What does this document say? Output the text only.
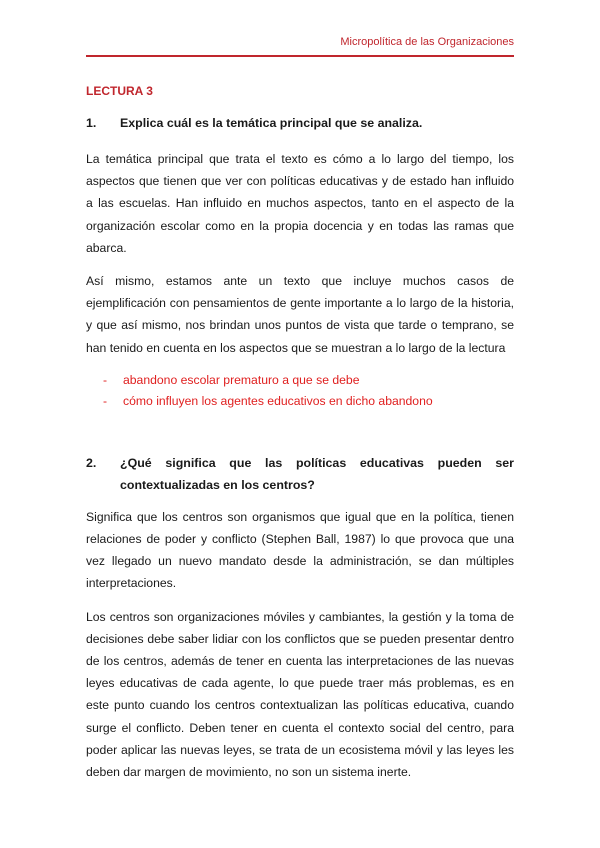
Micropolítica de las Organizaciones
LECTURA 3
1.	Explica cuál es la temática principal que se analiza.

La temática principal que trata el texto es cómo a lo largo del tiempo, los aspectos que tienen que ver con políticas educativas y de estado han influido a las escuelas. Han influido en muchos aspectos, tanto en el aspecto de la organización escolar como en la propia docencia y en todas las ramas que abarca.

Así mismo, estamos ante un texto que incluye muchos casos de ejemplificación con pensamientos de gente importante a lo largo de la historia, y que así mismo, nos brindan unos puntos de vista que tarde o temprano, se han tenido en cuenta en los aspectos que se muestran a lo largo de la lectura

- abandono escolar prematuro a que se debe
- cómo influyen los agentes educativos en dicho abandono
2.	¿Qué significa que las políticas educativas pueden ser contextualizadas en los centros?

Significa que los centros son organismos que igual que en la política, tienen relaciones de poder y conflicto (Stephen Ball, 1987) lo que provoca que una vez llegado un nuevo mandato desde la administración, se dan múltiples interpretaciones.

Los centros son organizaciones móviles y cambiantes, la gestión y la toma de decisiones debe saber lidiar con los conflictos que se pueden presentar dentro de los centros, además de tener en cuenta las interpretaciones de las nuevas leyes educativas de cada agente, lo que puede traer más problemas, es en este punto cuando los centros contextualizan las políticas educativa, cuando surge el conflicto. Deben tener en cuenta el contexto social del centro, para poder aplicar las nuevas leyes, se trata de un ecosistema móvil y las leyes les deben dar margen de movimiento, no son un sistema inerte.
